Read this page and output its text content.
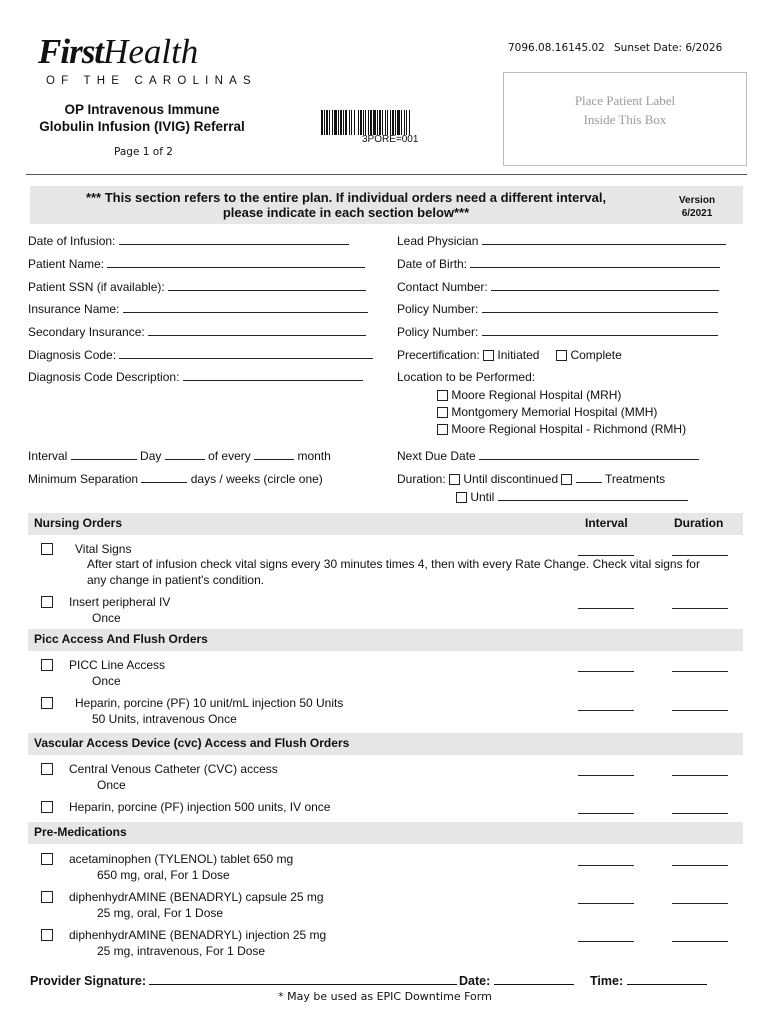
FirstHealth
OF THE CAROLINAS
7096.08.16145.02 Sunset Date: 6/2026
OP Intravenous Immune
Globulin Infusion (IVIG) Referral
Page 1 of 2
3PORE=001
Place Patient Label
Inside This Box
*** This section refers to the entire plan. If individual orders need a different interval,
please indicate in each section below***
Version
6/2021
Date of Infusion:
Patient Name:
Patient SSN (if available):
Insurance Name:
Secondary Insurance:
Diagnosis Code:
Diagnosis Code Description:
Lead Physician
Date of Birth:
Contact Number:
Policy Number:
Policy Number:
Precertification: Initiated	Complete
Location to be Performed:
Moore Regional Hospital (MRH)
Montgomery Memorial Hospital (MMH)
Moore Regional Hospital - Richmond (RMH)
Interval	Day	of every	month
Minimum Separation	days / weeks (circle one)
Next Due Date
Duration: Until discontinued	Treatments
Until
Nursing Orders	Interval	Duration
Vital Signs
After start of infusion check vital signs every 30 minutes times 4, then with every Rate Change. Check vital signs for
any change in patient's condition.
Insert peripheral IV
Once
Picc Access And Flush Orders
PICC Line Access
Once
Heparin, porcine (PF) 10 unit/mL injection 50 Units
50 Units, intravenous Once
Vascular Access Device (cvc) Access and Flush Orders
Central Venous Catheter (CVC) access
Once
Heparin, porcine (PF) injection 500 units, IV once
Pre-Medications
acetaminophen (TYLENOL) tablet 650 mg
650 mg, oral, For 1 Dose
diphenhydrAMINE (BENADRYL) capsule 25 mg
25 mg, oral, For 1 Dose
diphenhydrAMINE (BENADRYL) injection 25 mg
25 mg, intravenous, For 1 Dose
Provider Signature:	Date:	Time:
* May be used as EPIC Downtime Form
